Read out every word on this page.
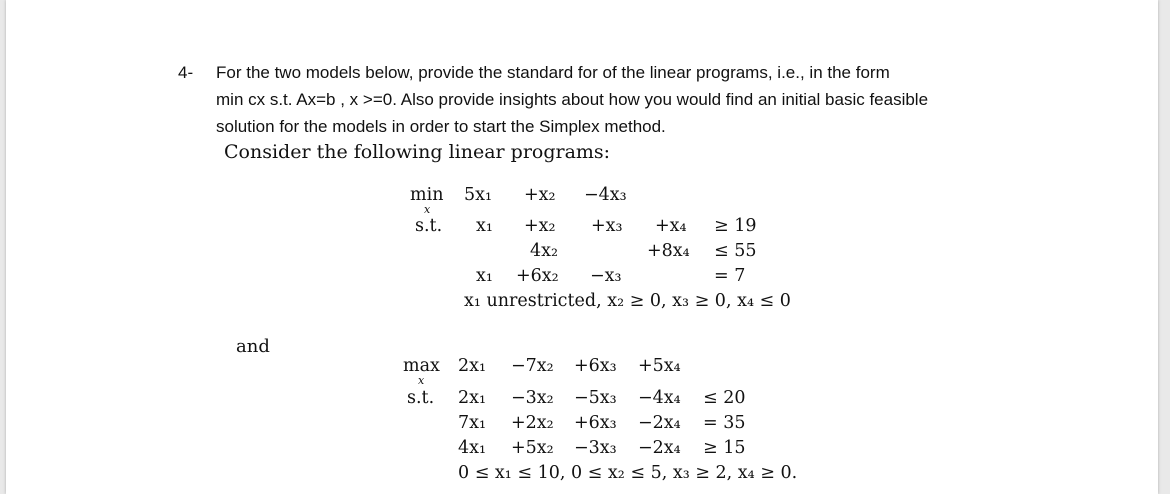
4- For the two models below, provide the standard for of the linear programs, i.e., in the form
min cx s.t. Ax=b , x >=0. Also provide insights about how you would find an initial basic feasible
solution for the models in order to start the Simplex method.
Consider the following linear programs:
min
x
s.t.
5x₁ +x₂ −4x₃
x₁ +x₂ +x₃ +x₄ ≥ 19
4x₂	+8x₄ ≤ 55
x₁ +6x₂ −x₃	= 7
x₁ unrestricted, x₂ ≥ 0, x₃ ≥ 0, x₄ ≤ 0
and
max
x
s.t.
2x₁ −7x₂ +6x₃ +5x₄
2x₁ −3x₂ −5x₃ −4x₄ ≤ 20
7x₁ +2x₂ +6x₃ −2x₄ = 35
4x₁ +5x₂ −3x₃ −2x₄ ≥ 15
0 ≤ x₁ ≤ 10, 0 ≤ x₂ ≤ 5, x₃ ≥ 2, x₄ ≥ 0.
